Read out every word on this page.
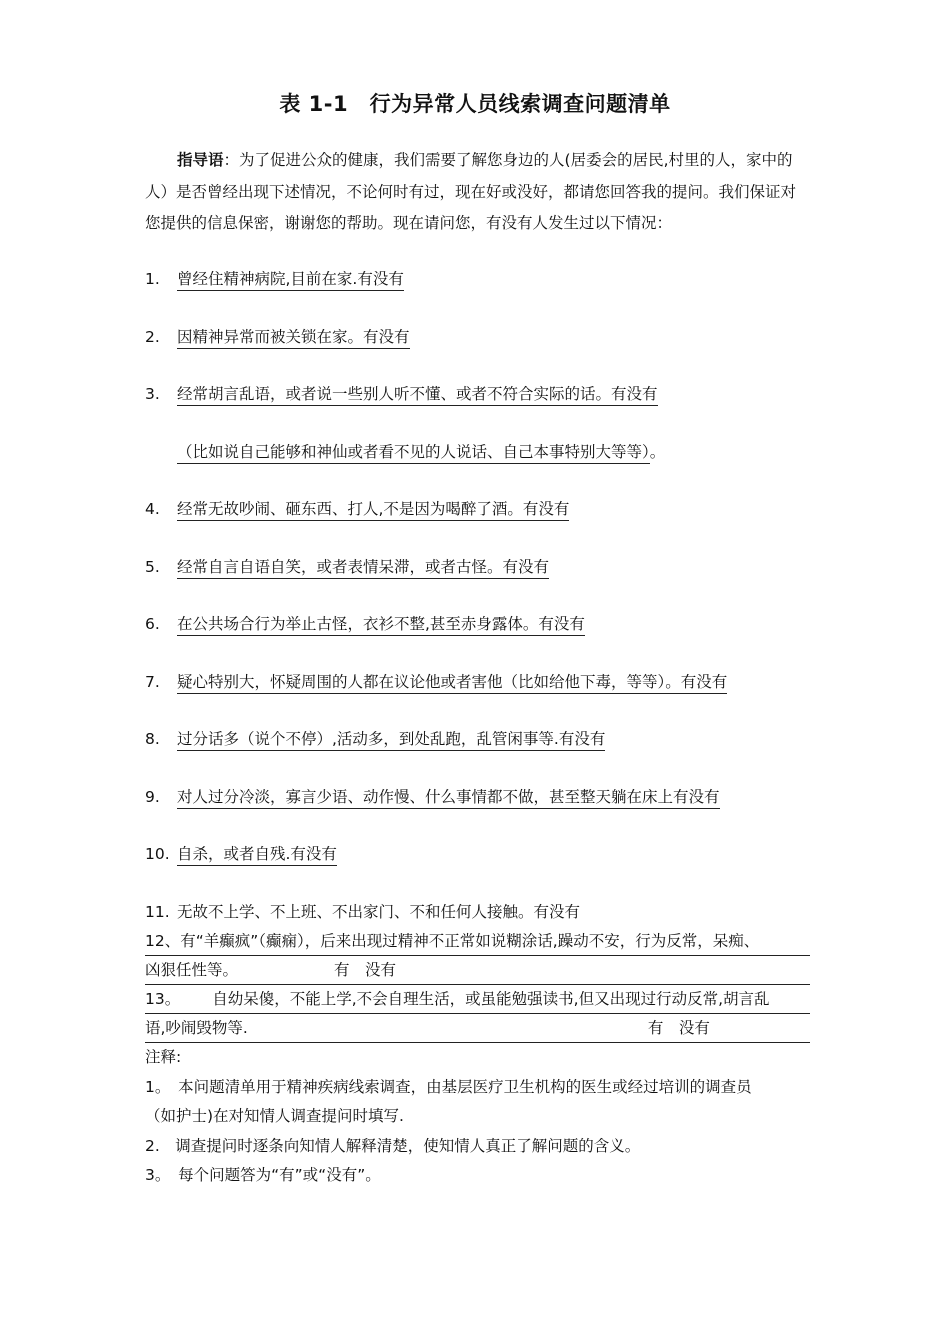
表 1-1　行为异常人员线索调查问题清单
指导语：为了促进公众的健康，我们需要了解您身边的人(居委会的居民,村里的人，家中的人）是否曾经出现下述情况，不论何时有过，现在好或没好，都请您回答我的提问。我们保证对您提供的信息保密，谢谢您的帮助。现在请问您，有没有人发生过以下情况：
1. 曾经住精神病院,目前在家.有没有
2. 因精神异常而被关锁在家。有没有
3. 经常胡言乱语，或者说一些别人听不懂、或者不符合实际的话。有没有
（比如说自己能够和神仙或者看不见的人说话、自己本事特别大等等）。
4. 经常无故吵闹、砸东西、打人,不是因为喝醉了酒。有没有
5. 经常自言自语自笑，或者表情呆滞，或者古怪。有没有
6. 在公共场合行为举止古怪，衣衫不整,甚至赤身露体。有没有
7. 疑心特别大，怀疑周围的人都在议论他或者害他（比如给他下毒，等等）。有没有
8. 过分话多（说个不停）,活动多，到处乱跑，乱管闲事等.有没有
9. 对人过分冷淡，寡言少语、动作慢、什么事情都不做，甚至整天躺在床上有没有
10. 自杀，或者自残.有没有
11. 无故不上学、不上班、不出家门、不和任何人接触。有没有
12、有“羊癫疯”（癫痫），后来出现过精神不正常如说糊涂话,躁动不安，行为反常，呆痴、
凶狠任性等。	有　没有
13。 自幼呆傻，不能上学,不会自理生活，或虽能勉强读书,但又出现过行动反常,胡言乱
语,吵闹毁物等.	有　没有
注释:
1。　本问题清单用于精神疾病线索调查，由基层医疗卫生机构的医生或经过培训的调查员
（如护士)在对知情人调查提问时填写.
2.　调查提问时逐条向知情人解释清楚，使知情人真正了解问题的含义。
3。　每个问题答为“有”或“没有”。
